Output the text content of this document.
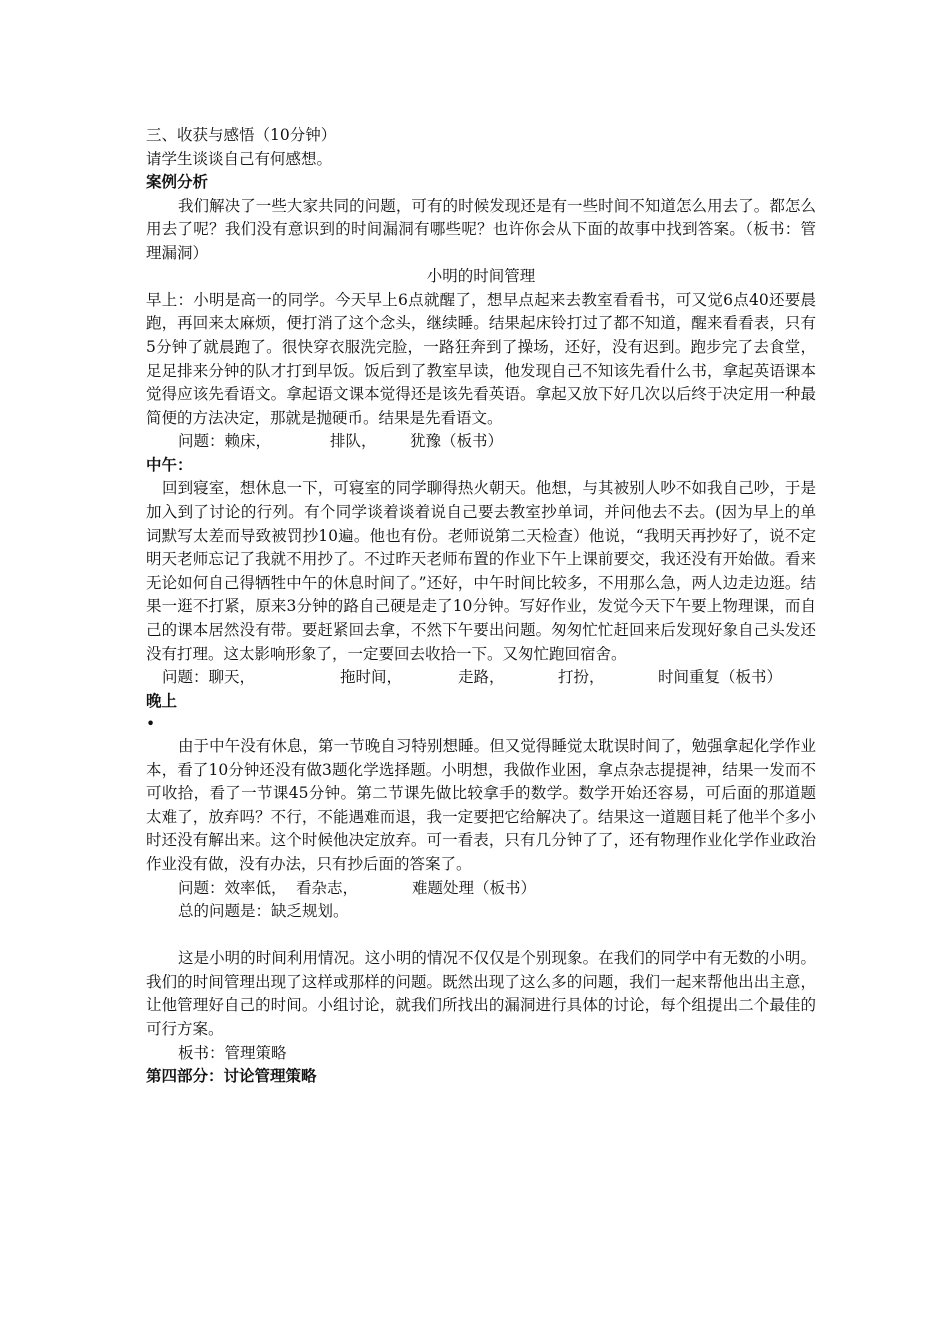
三、收获与感悟（10分钟）
请学生谈谈自己有何感想。
案例分析
我们解决了一些大家共同的问题，可有的时候发现还是有一些时间不知道怎么用去了。都怎么用去了呢？我们没有意识到的时间漏洞有哪些呢？也许你会从下面的故事中找到答案。（板书：管理漏洞）
小明的时间管理
早上：小明是高一的同学。今天早上6点就醒了，想早点起来去教室看看书，可又觉6点40还要晨跑，再回来太麻烦，便打消了这个念头，继续睡。结果起床铃打过了都不知道，醒来看看表，只有5分钟了就晨跑了。很快穿衣服洗完脸，一路狂奔到了操场，还好，没有迟到。跑步完了去食堂，足足排来分钟的队才打到早饭。饭后到了教室早读，他发现自己不知该先看什么书，拿起英语课本觉得应该先看语文。拿起语文课本觉得还是该先看英语。拿起又放下好几次以后终于决定用一种最简便的方法决定，那就是抛硬币。结果是先看语文。
问题：赖床，	排队， 犹豫（板书）
中午：
回到寝室，想休息一下，可寝室的同学聊得热火朝天。他想，与其被别人吵不如我自己吵，于是加入到了讨论的行列。有个同学谈着谈着说自己要去教室抄单词，并问他去不去。(因为早上的单词默写太差而导致被罚抄10遍。他也有份。老师说第二天检查）他说，“我明天再抄好了，说不定明天老师忘记了我就不用抄了。不过昨天老师布置的作业下午上课前要交，我还没有开始做。看来无论如何自己得牺牲中午的休息时间了。”还好，中午时间比较多，不用那么急，两人边走边逛。结果一逛不打紧，原来3分钟的路自己硬是走了10分钟。写好作业，发觉今天下午要上物理课，而自己的课本居然没有带。要赶紧回去拿，不然下午要出问题。匆匆忙忙赶回来后发现好象自己头发还没有打理。这太影响形象了，一定要回去收拾一下。又匆忙跑回宿舍。
问题：聊天，	拖时间，	走路，	打扮，	时间重复（板书）
晚上
•
由于中午没有休息，第一节晚自习特别想睡。但又觉得睡觉太耽误时间了，勉强拿起化学作业本，看了10分钟还没有做3题化学选择题。小明想，我做作业困，拿点杂志提提神，结果一发而不可收拾，看了一节课45分钟。第二节课先做比较拿手的数学。数学开始还容易，可后面的那道题太难了，放弃吗？不行，不能遇难而退，我一定要把它给解决了。结果这一道题目耗了他半个多小时还没有解出来。这个时候他决定放弃。可一看表，只有几分钟了了，还有物理作业化学作业政治作业没有做，没有办法，只有抄后面的答案了。
问题：效率低， 看杂志，	难题处理（板书）
总的问题是：缺乏规划。
这是小明的时间利用情况。这小明的情况不仅仅是个别现象。在我们的同学中有无数的小明。我们的时间管理出现了这样或那样的问题。既然出现了这么多的问题，我们一起来帮他出出主意，让他管理好自己的时间。小组讨论，就我们所找出的漏洞进行具体的讨论，每个组提出二个最佳的可行方案。
板书：管理策略
第四部分：讨论管理策略
